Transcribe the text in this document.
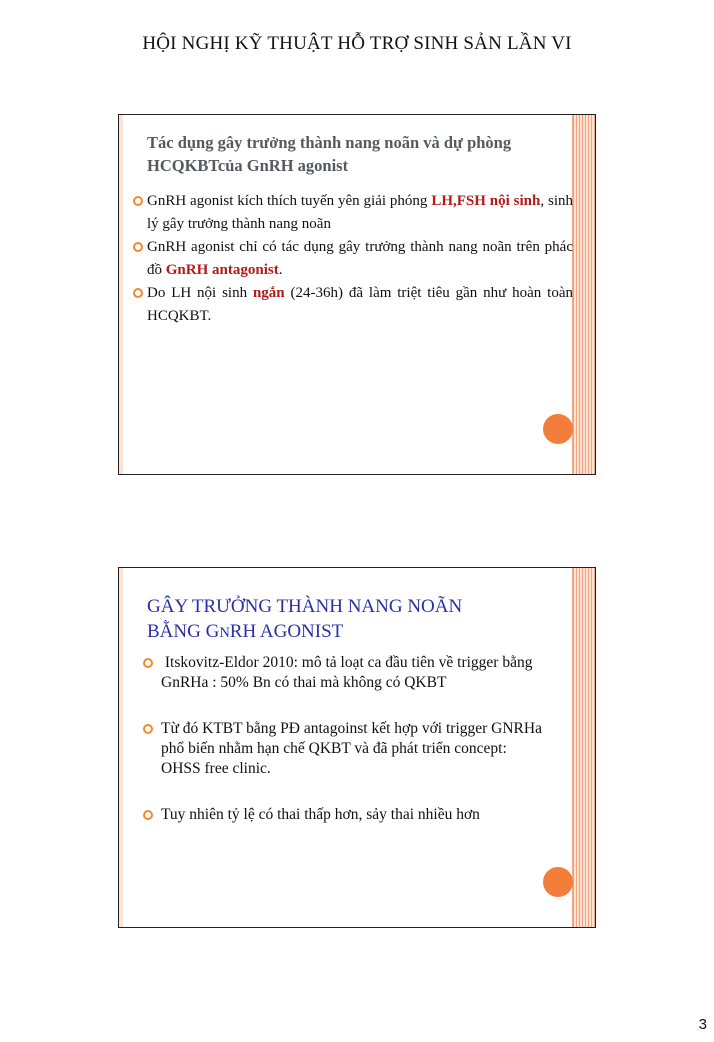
HỘI NGHỊ KỸ THUẬT HỖ TRỢ SINH SẢN LẦN VI
Tác dụng gây trưởng thành nang noãn và dự phòng
HCQKBTcủa GnRH agonist
GnRH agonist kích thích tuyến yên giải phóng LH,FSH nội sinh, sinh lý gây trưởng thành nang noãn
GnRH agonist chỉ có tác dụng gây trưởng thành nang noãn trên phác đồ GnRH antagonist.
Do LH nội sinh ngắn (24-36h) đã làm triệt tiêu gần như hoàn toàn HCQKBT.
GÂY TRƯỞNG THÀNH NANG NOÃN
BẰNG GNRH AGONIST
Itskovitz-Eldor 2010: mô tả loạt ca đầu tiên về trigger bằng GnRHa : 50% Bn có thai mà không có QKBT
Từ đó KTBT bằng PĐ antagoinst kết hợp với trigger GNRHa phổ biến nhằm hạn chế QKBT và đã phát triển concept: OHSS free clinic.
Tuy nhiên tỷ lệ có thai thấp hơn, sảy thai nhiều hơn
3
